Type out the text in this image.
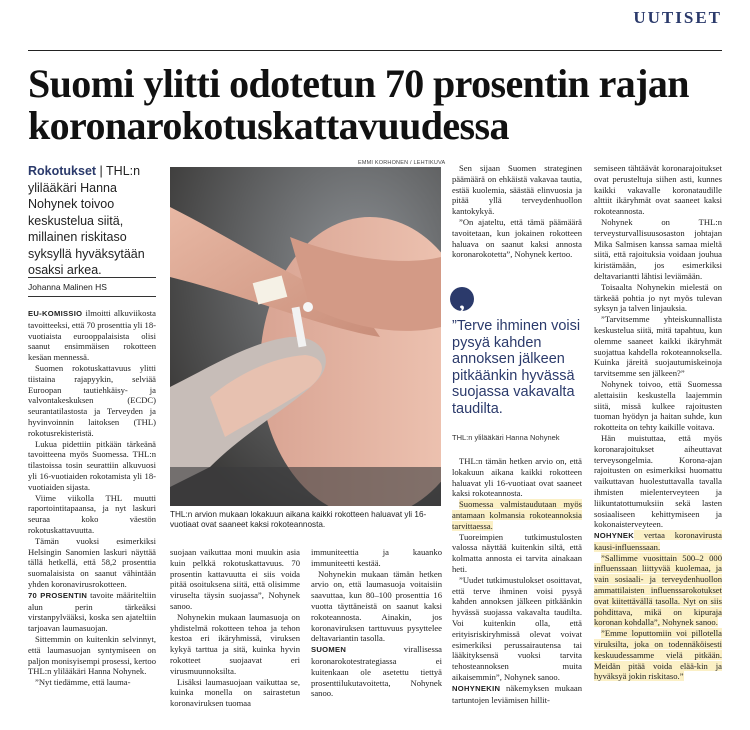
UUTISET
Suomi ylitti odotetun 70 prosentin rajan koronarokotuskattavuudessa
Rokotukset | THL:n ylilääkäri Hanna Nohynek toivoo keskustelua siitä, millainen riskitaso syksyllä hyväksytään osaksi arkea.
Johanna Malinen HS

EU-KOMISSIO ilmoitti alkuviikosta tavoitteeksi, että 70 prosenttia yli 18-vuotiaista eurooppalaisista olisi saanut ensimmäisen rokotteen kesäan mennessä.

Suomen rokotuskattavuus ylitti tiistaina rajapyykin, selviää Euroopan tautiehkäisy- ja valvontakeskuksen (ECDC) seurantatilastosta ja Terveyden ja hyvinvoinnin laitoksen (THL) rokotusrekisteristä.

Lukua pidettiin pitkään tärkeänä tavoitteena myös Suomessa. THL:n tilastoissa tosin seurattiin alkuvuosi yli 16-vuotiaiden rokotamista yli 18-vuotiaiden sijasta.

Viime viikolla THL muutti raportointitapaansa, ja nyt laskuri seuraa koko väestön rokotuskattavuutta.

Tämän vuoksi esimerkiksi Helsingin Sanomien laskuri näyttää tällä hetkellä, että 58,2 prosenttia suomalaisista on saanut vähintään yhden koronavirusrokotteen.

70 PROSENTIN tavoite määriteltiin alun perin tärkeäksi virstanpylvääksi, koska sen ajateltiin tarjoavan laumasuojan.

Sittemmin on kuitenkin selvinnyt, että laumasuojan syntymiseen on paljon monisyisempi prosessi, kertoo THL:n ylilääkäri Hanna Nohynek.

”Nyt tiedämme, että lauma-

EMMI KORHONEN / LEHTIKUVA
THL:n arvion mukaan lokakuun aikana kaikki rokotteen haluavat yli 16-vuotiaat ovat saaneet kaksi rokoteannosta.

suojaan vaikuttaa moni muukin asia kuin pelkkä rokotuskattavuus. 70 prosentin kattavuutta ei siis voida pitää osoituksena siitä, että olisimme viruselta täysin suojassa”, Nohynek sanoo.

Nohynekin mukaan laumasuoja on yhdistelmä rokotteen tehoa ja tehon kestoa eri ikäryhmissä, viruksen kykyä tarttua ja sitä, kuinka hyvin rokotteet suojaavat eri virusmuunnoksilta.

Lisäksi laumasuojaan vaikuttaa se, kuinka monella on sairastetun koronaviruksen tuomaa

immuniteettia ja kauanko immuniteetti kestää.

Nohynekin mukaan tämän hetken arvio on, että laumasuoja voitaisiin saavuttaa, kun 80–100 prosenttia 16 vuotta täyttäneistä on saanut kaksi rokoteannosta. Ainakin, jos koronaviruksen tarttuvuus pysyttelee deltavariantin tasolla.

SUOMEN virallisessa koronarokotestrategiassa ei kuitenkaan ole asetettu tiettyä prosenttilukutavoitetta, Nohynek sanoo.

Sen sijaan Suomen strateginen päämäärä on ehkäistä vakavaa tautia, estää kuolemia, säästää elinvuosia ja pitää yllä terveydenhuollon kantokykyä.

”On ajateltu, että tämä päämäärä tavoitetaan, kun jokainen rokotteen haluava on saanut kaksi annosta koronarokotetta”, Nohynek kertoo.

,
”Terve ihminen voisi pysyä kahden annoksen jälkeen pitkäänkin hyvässä suojassa vakavalta taudilta.
THL:n ylilääkäri Hanna Nohynek

THL:n tämän hetken arvio on, että lokakuun aikana kaikki rokotteen haluavat yli 16-vuotiaat ovat saaneet kaksi rokoteannosta.

Suomessa valmistaudutaan myös antamaan kolmansia rokoteannoksia tarvittaessa.

Tuoreimpien tutkimustulosten valossa näyttää kuitenkin siltä, että kolmatta annosta ei tarvita ainakaan heti.

”Uudet tutkimustulokset osoittavat, että terve ihminen voisi pysyä kahden annoksen jälkeen pitkäänkin hyvässä suojassa vakavalta taudilta. Voi kuitenkin olla, että erityisriskiryhmissä olevat voivat esimerkiksi perussairautensa tai lääkityksensä vuoksi tarvita tehosteannoksen muita aikaisemmin”, Nohynek sanoo.

NOHYNEKIN näkemyksen mukaan tartuntojen leviämisen hillit-

semiseen tähtäävät koronarajoitukset ovat perusteltuja siihen asti, kunnes kaikki vakavalle koronataudille alttiit ikäryhmät ovat saaneet kaksi rokoteannosta.

Nohynek on THL:n terveysturvallisuusosaston johtajan Mika Salmisen kanssa samaa mieltä siitä, että rajoituksia voidaan jouhua kiristämään, jos esimerkiksi deltavariantti lähtisi leviämään.

Toisaalta Nohynekin mielestä on tärkeää pohtia jo nyt myös tulevan syksyn ja talven linjauksia.

”Tarvitsemme yhteiskunnallista keskustelua siitä, mitä tapahtuu, kun olemme saaneet kaikki ikäryhmät suojattua kahdella rokoteannoksella. Kuinka järeitä suojautumiskeinoja tarvitsemme sen jälkeen?”

Nohynek toivoo, että Suomessa alettaisiin keskustella laajemmin siitä, missä kulkee rajoitusten tuoman hyödyn ja haitan suhde, kun rokotteita on tehty kaikille voitava.

Hän muistuttaa, että myös koronarajoitukset aiheuttavat terveysongelmia. Korona-ajan rajoitusten on esimerkiksi huomattu vaikuttavan huolestuttavalla tavalla ihmisten mielenterveyteen ja liikuntatottumuksiin sekä lasten sosiaaliseen kehittymiseen ja kokonaisterveyteen.

NOHYNEK vertaa koronavirusta kausi-influenssaan.

”Sallimme vuosittain 500–2 000 influenssaan liittyvää kuolemaa, ja vain sosiaali- ja terveydenhuollon ammattilaisten influenssarokotukset ovat kiitettävällä tasolla. Nyt on siis pohdittava, mikä on kipuraja koronan kohdalla”, Nohynek sanoo.

”Emme loputtomiin voi pillotella viruksilta, joka on todennäköisesti keskuudessamme vielä pitkään. Meidän pitää voida elää-kin ja hyväksyä jokin riskitaso.”
